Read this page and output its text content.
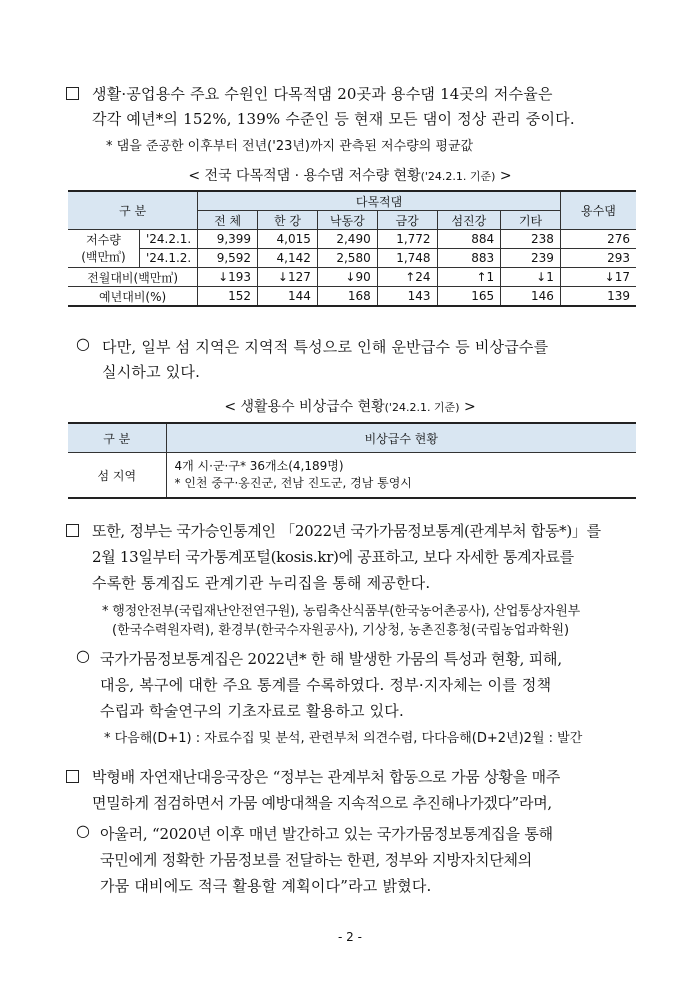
생활·공업용수 주요 수원인 다목적댐 20곳과 용수댐 14곳의 저수율은
각각 예년*의 152%, 139% 수준인 등 현재 모든 댐이 정상 관리 중이다.
* 댐을 준공한 이후부터 전년('23년)까지 관측된 저수량의 평균값
< 전국 다목적댐 · 용수댐 저수량 현황('24.2.1. 기준) >
구 분		다목적댐						용수댐
		전 체	한 강	낙동강	금강	섬진강	기타	
저수량
(백만㎥)	'24.2.1.	9,399	4,015	2,490	1,772	884	238	276
	'24.1.2.	9,592	4,142	2,580	1,748	883	239	293
전월대비(백만㎥)		↓193	↓127	↓90	↑24	↑1	↓1	↓17
예년대비(%)		152	144	168	143	165	146	139
○ 다만, 일부 섬 지역은 지역적 특성으로 인해 운반급수 등 비상급수를
실시하고 있다.
< 생활용수 비상급수 현황('24.2.1. 기준) >
구 분	비상급수 현황
섬 지역	4개 시·군·구* 36개소(4,189명)
* 인천 중구·옹진군, 전남 진도군, 경남 통영시
또한, 정부는 국가승인통계인 「2022년 국가가뭄정보통계(관계부처 합동*)」를
2월 13일부터 국가통계포털(kosis.kr)에 공표하고, 보다 자세한 통계자료를
수록한 통계집도 관계기관 누리집을 통해 제공한다.
* 행정안전부(국립재난안전연구원), 농림축산식품부(한국농어촌공사), 산업통상자원부
(한국수력원자력), 환경부(한국수자원공사), 기상청, 농촌진흥청(국립농업과학원)
○ 국가가뭄정보통계집은 2022년* 한 해 발생한 가뭄의 특성과 현황, 피해,
대응, 복구에 대한 주요 통계를 수록하였다. 정부·지자체는 이를 정책
수립과 학술연구의 기초자료로 활용하고 있다.
* 다음해(D+1) : 자료수집 및 분석, 관련부처 의견수렴, 다다음해(D+2년)2월 : 발간
박형배 자연재난대응국장은 “정부는 관계부처 합동으로 가뭄 상황을 매주
면밀하게 점검하면서 가뭄 예방대책을 지속적으로 추진해나가겠다”라며,
○ 아울러, “2020년 이후 매년 발간하고 있는 국가가뭄정보통계집을 통해
국민에게 정확한 가뭄정보를 전달하는 한편, 정부와 지방자치단체의
가뭄 대비에도 적극 활용할 계획이다”라고 밝혔다.
- 2 -
